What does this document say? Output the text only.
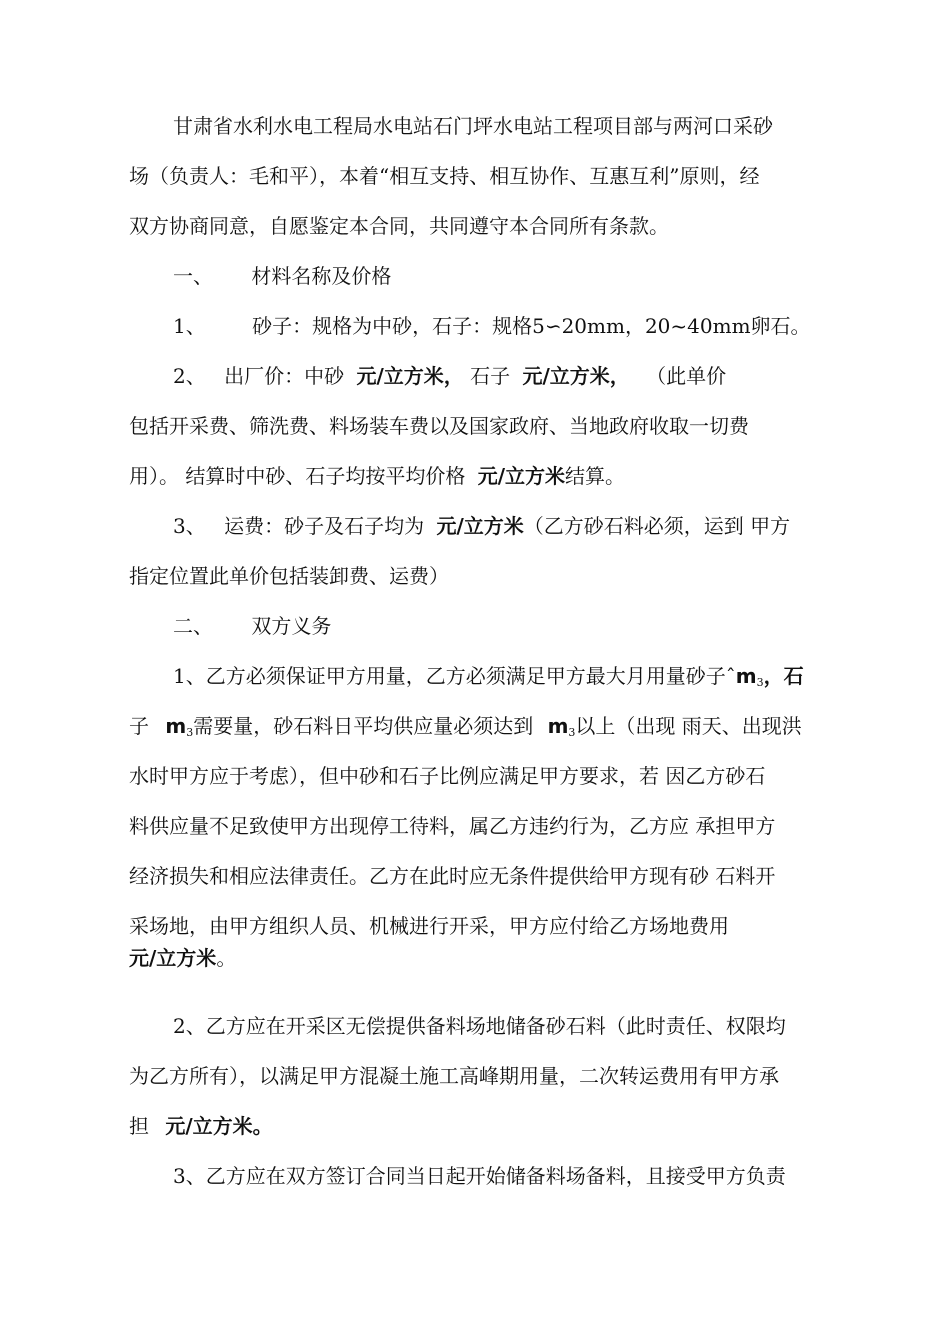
甘肃省水利水电工程局水电站石门坪水电站工程项目部与两河口采砂
场（负责人：毛和平），本着“相互支持、相互协作、互惠互利”原则，经
双方协商同意，自愿鉴定本合同，共同遵守本合同所有条款。
一、 材料名称及价格
1、 砂子：规格为中砂，石子：规格5∽20mm，20~40mm卵石。
2、 出厂价：中砂 元/立方米， 石子 元/立方米， （此单价
包括开采费、筛洗费、料场装车费以及国家政府、当地政府收取一切费
用）。 结算时中砂、石子均按平均价格 元/立方米结算。
3、 运费：砂子及石子均为 元/立方米（乙方砂石料必须，运到 甲方
指定位置此单价包括装卸费、运费）
二、 双方义务
1、乙方必须保证甲方用量，乙方必须满足甲方最大月用量砂子ˆm$_3$，石
子 $m_3$需要量，砂石料日平均供应量必须达到 $m_3$以上（出现 雨天、出现洪
水时甲方应于考虑），但中砂和石子比例应满足甲方要求，若 因乙方砂石
料供应量不足致使甲方出现停工待料，属乙方违约行为，乙方应 承担甲方
经济损失和相应法律责任。乙方在此时应无条件提供给甲方现有砂 石料开
采场地，由甲方组织人员、机械进行开采，甲方应付给乙方场地费用
元/立方米。
2、乙方应在开采区无偿提供备料场地储备砂石料（此时责任、权限均
为乙方所有），以满足甲方混凝土施工高峰期用量，二次转运费用有甲方承
担 元/立方米。
3、乙方应在双方签订合同当日起开始储备料场备料，且接受甲方负责
